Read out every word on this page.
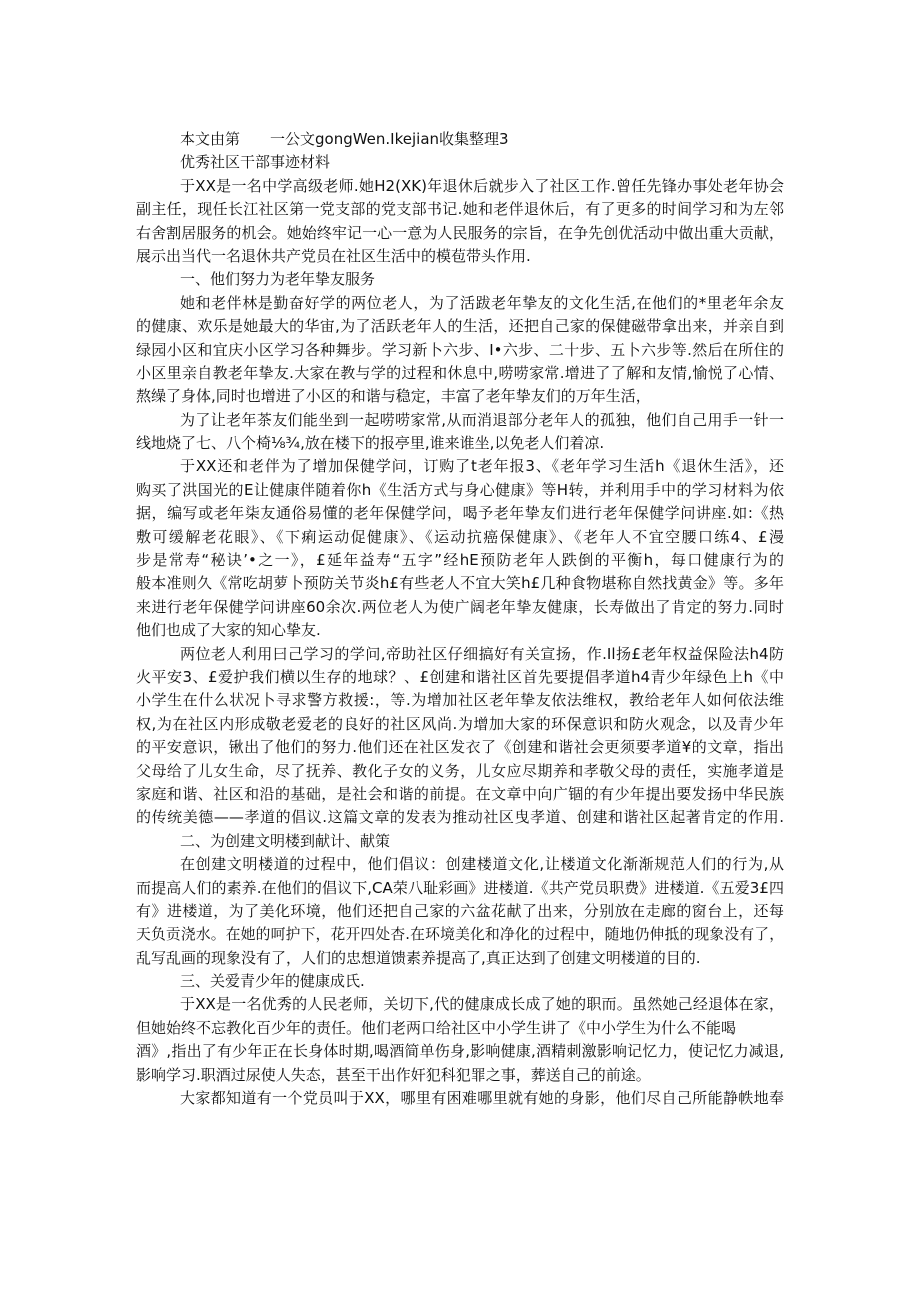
本文由第　　一公文gongWen.Ikejian收集整理3
优秀社区干部事迹材料
于XX是一名中学高级老师.她H2(XK)年退休后就步入了社区工作.曾任先锋办事处老年协会
副主任，现任长江社区第一党支部的党支部书记.她和老伴退休后，有了更多的时间学习和为左邻
右舍割居服务的机会。她始终牢记一心一意为人民服务的宗旨，在争先创优活动中做出重大贡献，
展示出当代一名退休共产党员在社区生活中的模苞带头作用.
一、他们努力为老年挚友服务
她和老伴林是勤奋好学的两位老人，为了活跋老年挚友的文化生活,在他们的*里老年余友
的健康、欢乐是她最大的华宙,为了活跃老年人的生活，还把自己家的保健磁带拿出来，并亲自到
绿园小区和宜庆小区学习各种舞步。学习新卜六步、I•六步、二十步、五卜六步等.然后在所住的
小区里亲自教老年挚友.大家在教与学的过程和休息中,唠唠家常.增进了了解和友情,愉悦了心情、
熬缲了身体,同时也增进了小区的和谐与稳定，丰富了老年挚友们的万年生活，
为了让老年茶友们能坐到一起唠唠家常,从而消退部分老年人的孤独，他们自己用手一针一
线地烧了七、八个椅⅛¾,放在楼下的报亭里,谁来谁坐,以免老人们着凉.
于XX还和老伴为了增加保健学问，订购了t老年报3、《老年学习生活h《退休生活》，还
购买了洪国光的E让健康伴随着你h《生活方式与身心健康》等H转，并利用手中的学习材料为依
据，编写或老年柒友通俗易懂的老年保健学问，喝予老年挚友们进行老年保健学问讲座.如:《热
敷可缓解老花眼》、《下痢运动促健康》、《运动抗癌保健康》、《老年人不宜空腰口练4、£漫
步是常寿“秘诀’•之一》，£延年益寿“五字”经hE预防老年人跌倒的平衡h，每口健康行为的
般本准则久《常吃胡萝卜预防关节炎h£有些老人不宜大笑h£几种食物堪称自然找黄金》等。多年
来进行老年保健学问讲座60余次.两位老人为使广阔老年挚友健康，长寿做出了肯定的努力.同时
他们也成了大家的知心挚友.
两位老人利用曰己学习的学问,帝助社区仔细搞好有关宣扬，作.Il扬£老年权益保险法h4防
火平安3、£爱护我们横以生存的地球？、£创建和谐社区首先要提倡孝道h4青少年绿色上h《中
小学生在什么状况卜寻求警方救援:，等.为增加社区老年挚友依法维权，教给老年人如何依法维
权,为在社区内形成敬老爱老的良好的社区风尚.为增加大家的环保意识和防火观念，以及青少年
的平安意识，锹出了他们的努力.他们还在社区发衣了《创建和谐社会更须要孝道¥的文章，指出
父母给了儿女生命，尽了抚养、教化子女的义务，儿女应尽期养和孝敬父母的责任，实施孝道是
家庭和谐、社区和沿的基础，是社会和谐的前提。在文章中向广锢的有少年提出要发扬中华民族
的传统美德——孝道的倡议.这篇文章的发表为推动社区曳孝道、创建和谐社区起著肯定的作用.
二、为创建文明楼到献计、献策
在创建文明楼道的过程中，他们倡议：创建楼道文化,让楼道文化渐渐规范人们的行为,从
而提高人们的素养.在他们的倡议下,CA荣八耻彩画》进楼道.《共产党员职费》进楼道.《五爱3£四
有》进楼道，为了美化环境，他们还把自己家的六盆花献了出来，分别放在走廊的窗台上，还每
天负贡浇水。在她的呵护下，花开四处杏.在环境美化和净化的过程中，随地仍伸抵的现象没有了，
乱写乱画的现象没有了，人们的忠想道馈素养提高了,真正达到了创建文明楼道的目的.
三、关爱青少年的健康成氏.
于XX是一名优秀的人民老师，关切下,代的健康成长成了她的职而。虽然她己经退体在家，
但她始终不忘教化百少年的责任。他们老两口给社区中小学生讲了《中小学生为什么不能喝
酒》,指出了有少年正在长身体时期,喝酒简单伤身,影响健康,酒精刺激影响记忆力，使记忆力减退,
影响学习.职酒过尿使人失态，甚至干出作奸犯科犯罪之事，葬送自己的前途。
大家都知道有一个党员叫于XX，哪里有困难哪里就有她的身影，他们尽自己所能静帙地奉
